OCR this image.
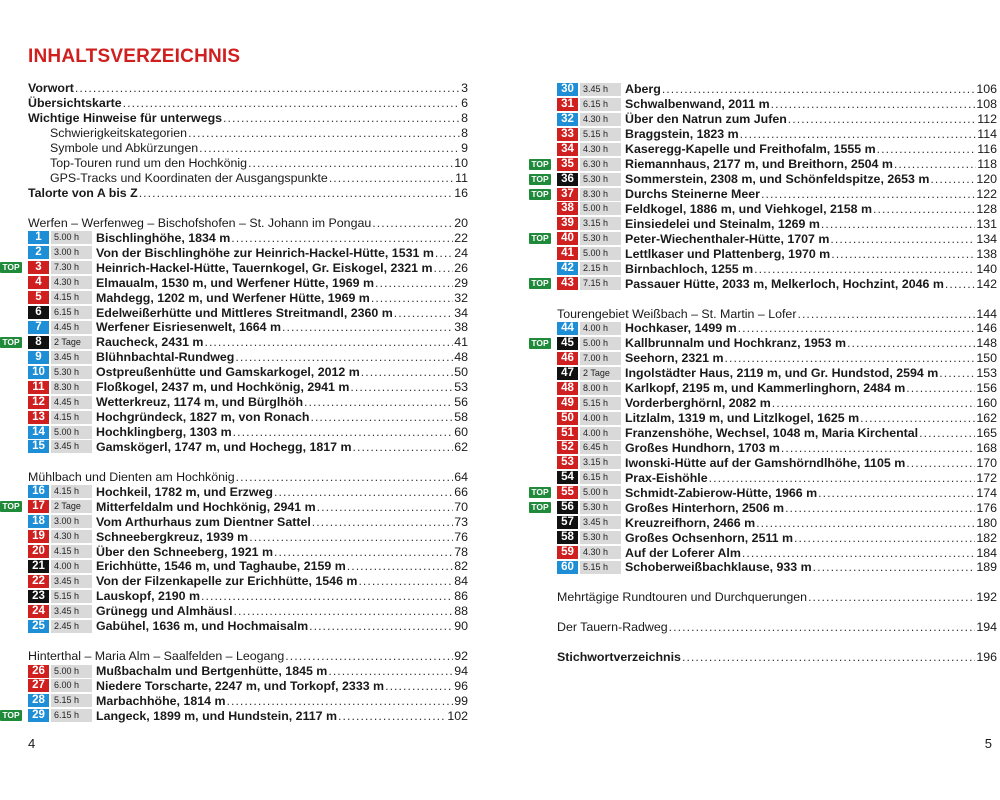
INHALTSVERZEICHNIS
Vorwort . . .	3
Übersichtskarte . . .	6
Wichtige Hinweise für unterwegs . . .	8
Schwierigkeitskategorien . . .	8
Symbole und Abkürzungen . . .	9
Top-Touren rund um den Hochkönig . . .	10
GPS-Tracks und Koordinaten der Ausgangspunkte . . .	11
Talorte von A bis Z . . .	16
Werfen – Werfenweg – Bischofshofen – St. Johann im Pongau . . .	20
1	5.00 h	Bischlinghöhe, 1834 m . . .	22
2	3.00 h	Von der Bischlinghöhe zur Heinrich-Hackel-Hütte, 1531 m . . . 24
TOP	3	7.30 h	Heinrich-Hackel-Hütte, Tauernkogel, Gr. Eiskogel, 2321 m . . . 26
4	4.30 h	Elmaualm, 1530 m, und Werfener Hütte, 1969 m . . .	29
5	4.15 h	Mahdegg, 1202 m, und Werfener Hütte, 1969 m . . .	32
6	6.15 h	Edelweißerhütte und Mittleres Streitmandl, 2360 m . . .	34
7	4.45 h	Werfener Eisriesenwelt, 1664 m . . .	38
TOP	8	2 Tage	Raucheck, 2431 m . . .	41
9	3.45 h	Blühnbachtal-Rundweg . . .	48
10	5.30 h	Ostpreußenhütte und Gamskarkogel, 2012 m . . .	50
11	8.30 h	Floßkogel, 2437 m, und Hochkönig, 2941 m . . .	53
12	4.45 h	Wetterkreuz, 1174 m, und Bürglhöh . . .	56
13	4.15 h	Hochgründeck, 1827 m, von Ronach . . .	58
14	5.00 h	Hochklingberg, 1303 m . . .	60
15	3.45 h	Gamskögerl, 1747 m, und Hochegg, 1817 m . . .	62
Mühlbach und Dienten am Hochkönig . . .	64
16	4.15 h	Hochkeil, 1782 m, und Erzweg . . .	66
TOP	17	2 Tage	Mitterfeldalm und Hochkönig, 2941 m . . .	70
18	3.00 h	Vom Arthurhaus zum Dientner Sattel . . .	73
19	4.30 h	Schneebergkreuz, 1939 m . . .	76
20	4.15 h	Über den Schneeberg, 1921 m . . .	78
21	4.00 h	Erichhütte, 1546 m, und Taghaube, 2159 m . . .	82
22	3.45 h	Von der Filzenkapelle zur Erichhütte, 1546 m . . .	84
23	5.15 h	Lauskopf, 2190 m . . .	86
24	3.45 h	Grünegg und Almhäusl . . .	88
25	2.45 h	Gabühel, 1636 m, und Hochmaisalm . . .	90
Hinterthal – Maria Alm – Saalfelden – Leogang . . .	92
26	5.00 h	Mußbachalm und Bertgenhütte, 1845 m . . .	94
27	6.00 h	Niedere Torscharte, 2247 m, und Torkopf, 2333 m . . .	96
28	5.15 h	Marbachhöhe, 1814 m . . .	99
TOP	29	6.15 h	Langeck, 1899 m, und Hundstein, 2117 m . . .	102
4
30	3.45 h	Aberg . . .	106
31	6.15 h	Schwalbenwand, 2011 m . . .	108
32	4.30 h	Über den Natrun zum Jufen . . .	112
33	5.15 h	Braggstein, 1823 m . . .	114
34	4.30 h	Kaseregg-Kapelle und Freithofalm, 1555 m . . .	116
TOP	35	6.30 h	Riemannhaus, 2177 m, und Breithorn, 2504 m . . .	118
TOP	36	5.30 h	Sommerstein, 2308 m, und Schönfeldspitze, 2653 m . . .	120
TOP	37	8.30 h	Durchs Steinerne Meer . . .	122
38	5.00 h	Feldkogel, 1886 m, und Viehkogel, 2158 m . . .	128
39	3.15 h	Einsiedelei und Steinalm, 1269 m . . .	131
TOP	40	5.30 h	Peter-Wiechenthaler-Hütte, 1707 m . . .	134
41	5.00 h	Lettlkaser und Plattenberg, 1970 m . . .	138
42	2.15 h	Birnbachloch, 1255 m . . .	140
TOP	43	7.15 h	Passauer Hütte, 2033 m, Melkerloch, Hochzint, 2046 m . . .	142
Tourengebiet Weißbach – St. Martin – Lofer . . .	144
44	4.00 h	Hochkaser, 1499 m . . .	146
TOP	45	5.00 h	Kallbrunnalm und Hochkranz, 1953 m . . .	148
46	7.00 h	Seehorn, 2321 m . . .	150
47	2 Tage	Ingolstädter Haus, 2119 m, und Gr. Hundstod, 2594 m . . .	153
48	8.00 h	Karlkopf, 2195 m, und Kammerlinghorn, 2484 m . . .	156
49	5.15 h	Vorderberghörnl, 2082 m . . .	160
50	4.00 h	Litzlalm, 1319 m, und Litzlkogel, 1625 m . . .	162
51	4.00 h	Franzenshöhe, Wechsel, 1048 m, Maria Kirchental . . .	165
52	6.45 h	Großes Hundhorn, 1703 m . . .	168
53	3.15 h	Iwonski-Hütte auf der Gamshörndlhöhe, 1105 m . . .	170
54	6.15 h	Prax-Eishöhle . . .	172
TOP	55	5.00 h	Schmidt-Zabierow-Hütte, 1966 m . . .	174
TOP	56	5.30 h	Großes Hinterhorn, 2506 m . . .	176
57	3.45 h	Kreuzreifhorn, 2466 m . . .	180
58	5.30 h	Großes Ochsenhorn, 2511 m . . .	182
59	4.30 h	Auf der Loferer Alm . . .	184
60	5.15 h	Schoberweißbachklause, 933 m . . .	189
Mehrtägige Rundtouren und Durchquerungen . . .	192
Der Tauern-Radweg . . .	194
Stichwortverzeichnis . . .	196
5
